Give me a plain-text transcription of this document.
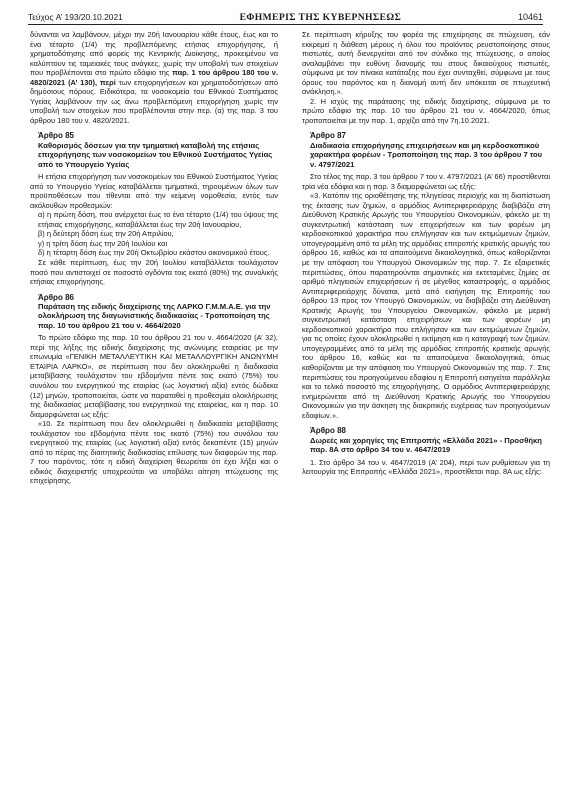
Τεύχος A’ 193/20.10.2021	ΕΦΗΜΕΡΙΣ ΤΗΣ ΚΥΒΕΡΝΗΣΕΩΣ	10461

δύνανται να λαμβάνουν, μέχρι την 20ή Ιανουαρίου κάθε έτους, έως και το ένα τέταρτο (1/4) της προβλεπόμενης ετήσιας επιχορήγησης, ή χρηματοδότησης από φορείς της Κεντρικής Διοίκησης, προκειμένου να καλύπτουν τις ταμειακές τους ανάγκες, χωρίς την υποβολή των στοιχείων που προβλέπονται στο πρώτο εδάφιο της παρ. 1 του άρθρου 180 του ν. 4820/2021 (Α’ 130), περί των επιχορηγήσεων και χρηματοδοτήσεων από δημόσιους πόρους. Ειδικότερα, τα νοσοκομεία του Εθνικού Συστήματος Υγείας λαμβάνουν την ως άνω προβλεπόμενη επιχορήγηση χωρίς την υποβολή των στοιχείων που προβλέπονται στην περ. (α) της παρ. 3 του άρθρου 180 του ν. 4820/2021.

Άρθρο 85
Καθορισμός δόσεων για την τμηματική καταβολή της ετήσιας επιχορήγησης των νοσοκομείων του Εθνικού Συστήματος Υγείας από το Υπουργείο Υγείας

Η ετήσια επιχορήγηση των νοσοκομείων του Εθνικού Συστήματος Υγείας από το Υπουργείο Υγείας καταβάλλεται τμηματικά, τηρουμένων όλων των προϋποθέσεων που τίθενται από την κείμενη νομοθεσία, εντός των ακόλουθων προθεσμιών:

α) η πρώτη δόση, που ανέρχεται έως το ένα τέταρτο (1/4) του ύψους της ετήσιας επιχορήγησης, καταβάλλεται έως την 20ή Ιανουαρίου,

β) η δεύτερη δόση έως την 20ή Απριλίου,

γ) η τρίτη δόση έως την 20ή Ιουλίου και

δ) η τέταρτη δόση έως την 20ή Οκτωβρίου εκάστου οικονομικού έτους.

Σε κάθε περίπτωση, έως την 20ή Ιουλίου καταβάλλεται τουλάχιστον ποσό που αντιστοιχεί σε ποσοστό ογδόντα τοις εκατό (80%) της συνολικής ετήσιας επιχορήγησης.

Άρθρο 86
Παράταση της ειδικής διαχείρισης της ΛΑΡΚΟ Γ.Μ.Μ.Α.Ε. για την ολοκλήρωση της διαγωνιστικής διαδικασίας - Τροποποίηση της παρ. 10 του άρθρου 21 του ν. 4664/2020

Το πρώτο εδάφιο της παρ. 10 του άρθρου 21 του ν. 4664/2020 (Α’ 32), περί της λήξης της ειδικής διαχείρισης της ανώνυμης εταιρείας με την επωνυμία «ΓΕΝΙΚΗ ΜΕΤΑΛΛΕΥΤΙΚΗ ΚΑΙ ΜΕΤΑΛΛΟΥΡΓΙΚΗ ΑΝΩΝΥΜΗ ΕΤΑΙΡΙΑ ΛΑΡΚΟ», σε περίπτωση που δεν ολοκληρωθεί η διαδικασία μεταβίβασης τουλάχιστον του εβδομήντα πέντε τοις εκατό (75%) του συνόλου του ενεργητικού της εταιρίας (ως λογιστική αξία) εντός δώδεκα (12) μηνών, τροποποιείται, ώστε να παραταθεί η προθεσμία ολοκλήρωσης της διαδικασίας μεταβίβασης του ενεργητικού της εταιρείας, και η παρ. 10 διαμορφώνεται ως εξής:

«10. Σε περίπτωση που δεν ολοκληρωθεί η διαδικασία μεταβίβασης τουλάχιστον του εβδομήντα πέντε τοις εκατό (75%) του συνόλου του ενεργητικού της εταιρίας (ως λογιστική αξία) εντός δεκαπέντε (15) μηνών από το πέρας της διαιτητικής διαδικασίας επίλυσης των διαφορών της παρ. 7 του παρόντος, τότε η ειδική διαχείριση θεωρείται ότι έχει λήξει και ο ειδικός διαχειριστής υποχρεούται να υποβάλει αίτηση πτώχευσης της επιχείρησης.

Σε περίπτωση κήρυξης του φορέα της επιχείρησης σε πτώχευση, εάν εκκρεμεί η διάθεση μέρους ή όλου του προϊόντος ρευστοποίησης στους πιστωτές, αυτή διενεργείται από τον σύνδικο της πτώχευσης, ο οποίος αναλαμβάνει την ευθύνη διανομής του στους δικαιούχους πιστωτές, σύμφωνα με τον πίνακα κατάταξης που έχει συνταχθεί, σύμφωνα με τους όρους του παρόντος και η διανομή αυτή δεν υπόκειται σε πτωχευτική ανάκληση.».

2. Η ισχύς της παράτασης της ειδικής διαχείρισης, σύμφωνα με το πρώτο εδάφιο της παρ. 10 του άρθρου 21 του ν. 4664/2020, όπως τροποποιείται με την παρ. 1, αρχίζει από την 7η.10.2021.

Άρθρο 87
Διαδικασία επιχορήγησης επιχειρήσεων και μη κερδοσκοπικού χαρακτήρα φορέων - Τροποποίηση της παρ. 3 του άρθρου 7 του ν. 4797/2021

Στο τέλος της παρ. 3 του άρθρου 7 του ν. 4797/2021 (Α’ 66) προστίθενται τρία νέα εδάφια και η παρ. 3 διαμορφώνεται ως εξής:

«3. Κατόπιν της οριοθέτησης της πληγείσας περιοχής και τη διαπίστωση της έκτασης των ζημιών, ο αρμόδιος Αντιπεριφερειάρχης διαβιβάζει στη Διεύθυνση Κρατικής Αρωγής του Υπουργείου Οικονομικών, φάκελο με τη συγκεντρωτική κατάσταση των επιχειρήσεων και των φορέων μη κερδοσκοπικού χαρακτήρα που επλήγησαν και των εκτιμώμενων ζημιών, υπογεγραμμένη από τα μέλη της αρμόδιας επιτροπής κρατικής αρωγής του άρθρου 16, καθώς και τα απαιτούμενα δικαιολογητικά, όπως καθορίζονται με την απόφαση του Υπουργού Οικονομικών της παρ. 7. Σε εξαιρετικές περιπτώσεις, όπου παρατηρούνται σημαντικές και εκτεταμένες ζημίες σε αριθμό πληγεισών επιχειρήσεων ή σε μέγεθος καταστροφής, ο αρμόδιος Αντιπεριφερειάρχης δύναται, μετά από εισήγηση της Επιτροπής του άρθρου 13 προς τον Υπουργό Οικονομικών, να διαβιβάζει στη Διεύθυνση Κρατικής Αρωγής του Υπουργείου Οικονομικών, φάκελο με μερική συγκεντρωτική κατάσταση επιχειρήσεων και των φορέων μη κερδοσκοπικού χαρακτήρα που επλήγησαν και των εκτιμώμενων ζημιών, για τις οποίες έχουν ολοκληρωθεί η εκτίμηση και η καταγραφή των ζημιών, υπογεγραμμένες από τα μέλη της αρμόδιας επιτροπής κρατικής αρωγής του άρθρου 16, καθώς και τα απαιτούμενα δικαιολογητικά, όπως καθορίζονται με την απόφαση του Υπουργού Οικονομικών της παρ. 7. Στις περιπτώσεις του προηγούμενου εδαφίου η Επιτροπή εισηγείται παράλληλα και το τελικό ποσοστό της επιχορήγησης. Ο αρμόδιος Αντιπεριφερειάρχης ενημερώνεται από τη Διεύθυνση Κρατικής Αρωγής του Υπουργείου Οικονομικών για την άσκηση της διακριτικής ευχέρειας των προηγούμενων εδαφίων.».

Άρθρο 88
Δωρεές και χορηγίες της Επιτροπής «Ελλάδα 2021» - Προσθήκη παρ. 8Α στο άρθρο 34 του ν. 4647/2019

1. Στο άρθρο 34 του ν. 4647/2019 (Α’ 204), περί των ρυθμίσεων για τη λειτουργία της Επιτροπής «Ελλάδα 2021», προστίθεται παρ. 8Α ως εξής:
